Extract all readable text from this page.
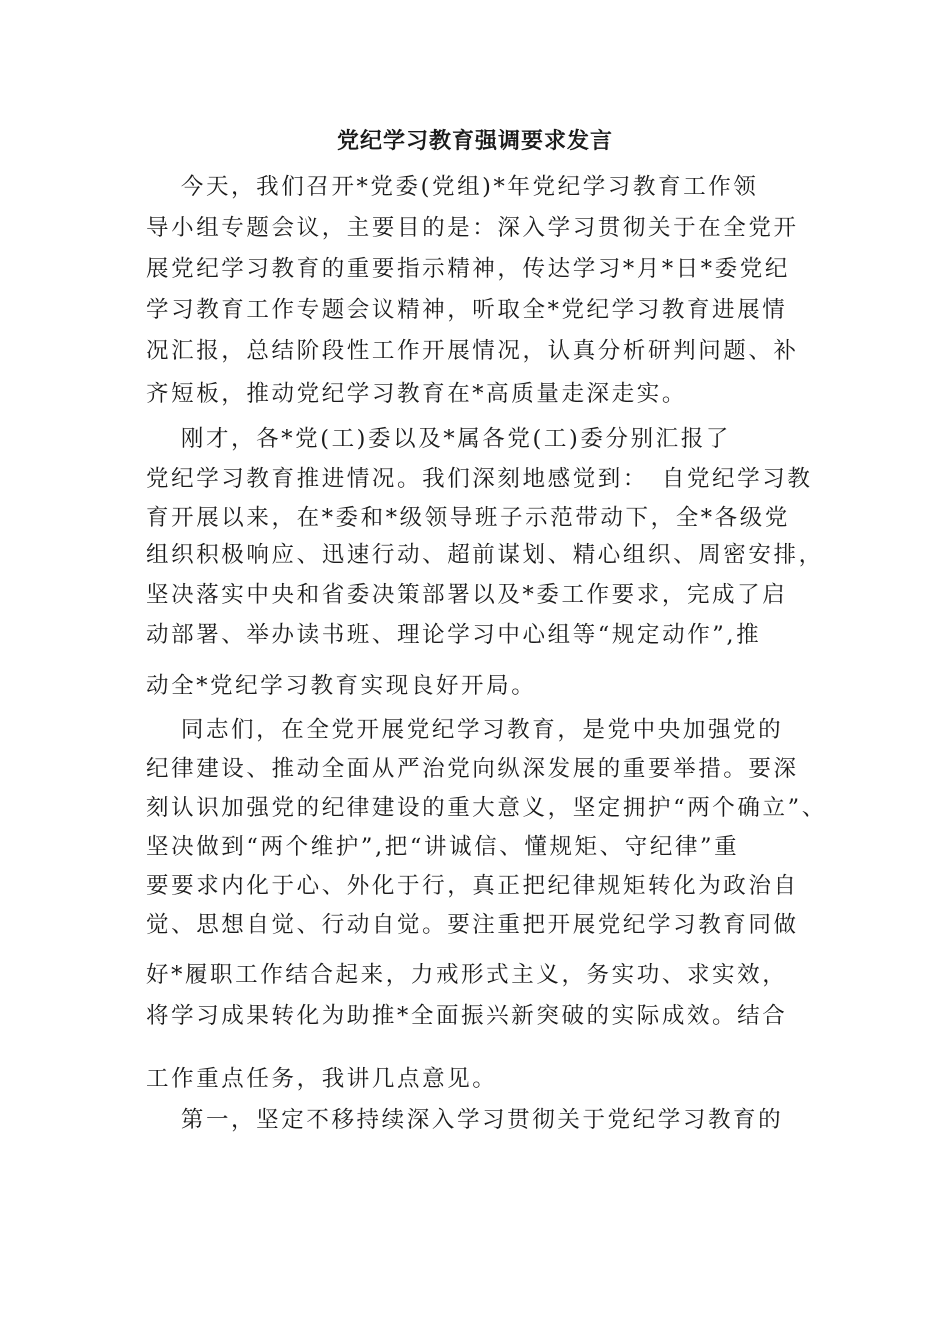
党纪学习教育强调要求发言
　 今天，我们召开*党委(党组)*年党纪学习教育工作领
导小组专题会议，主要目的是：深入学习贯彻关于在全党开
展党纪学习教育的重要指示精神，传达学习*月*日*委党纪
学习教育工作专题会议精神，听取全*党纪学习教育进展情
况汇报，总结阶段性工作开展情况，认真分析研判问题、补
齐短板，推动党纪学习教育在*高质量走深走实。
　 刚才，各*党(工)委以及*属各党(工)委分别汇报了
党纪学习教育推进情况。我们深刻地感觉到：　自党纪学习教
育开展以来，在*委和*级领导班子示范带动下，全*各级党
组织积极响应、迅速行动、超前谋划、精心组织、周密安排，
坚决落实中央和省委决策部署以及*委工作要求，完成了启
动部署、举办读书班、理论学习中心组等“规定动作”,推
动全*党纪学习教育实现良好开局。
　 同志们，在全党开展党纪学习教育，是党中央加强党的
纪律建设、推动全面从严治党向纵深发展的重要举措。要深
刻认识加强党的纪律建设的重大意义，坚定拥护“两个确立”、
坚决做到“两个维护”,把“讲诚信、懂规矩、守纪律”重
要要求内化于心、外化于行，真正把纪律规矩转化为政治自
觉、思想自觉、行动自觉。要注重把开展党纪学习教育同做
好*履职工作结合起来，力戒形式主义，务实功、求实效，
将学习成果转化为助推*全面振兴新突破的实际成效。结合
工作重点任务，我讲几点意见。
　 第一，坚定不移持续深入学习贯彻关于党纪学习教育的
